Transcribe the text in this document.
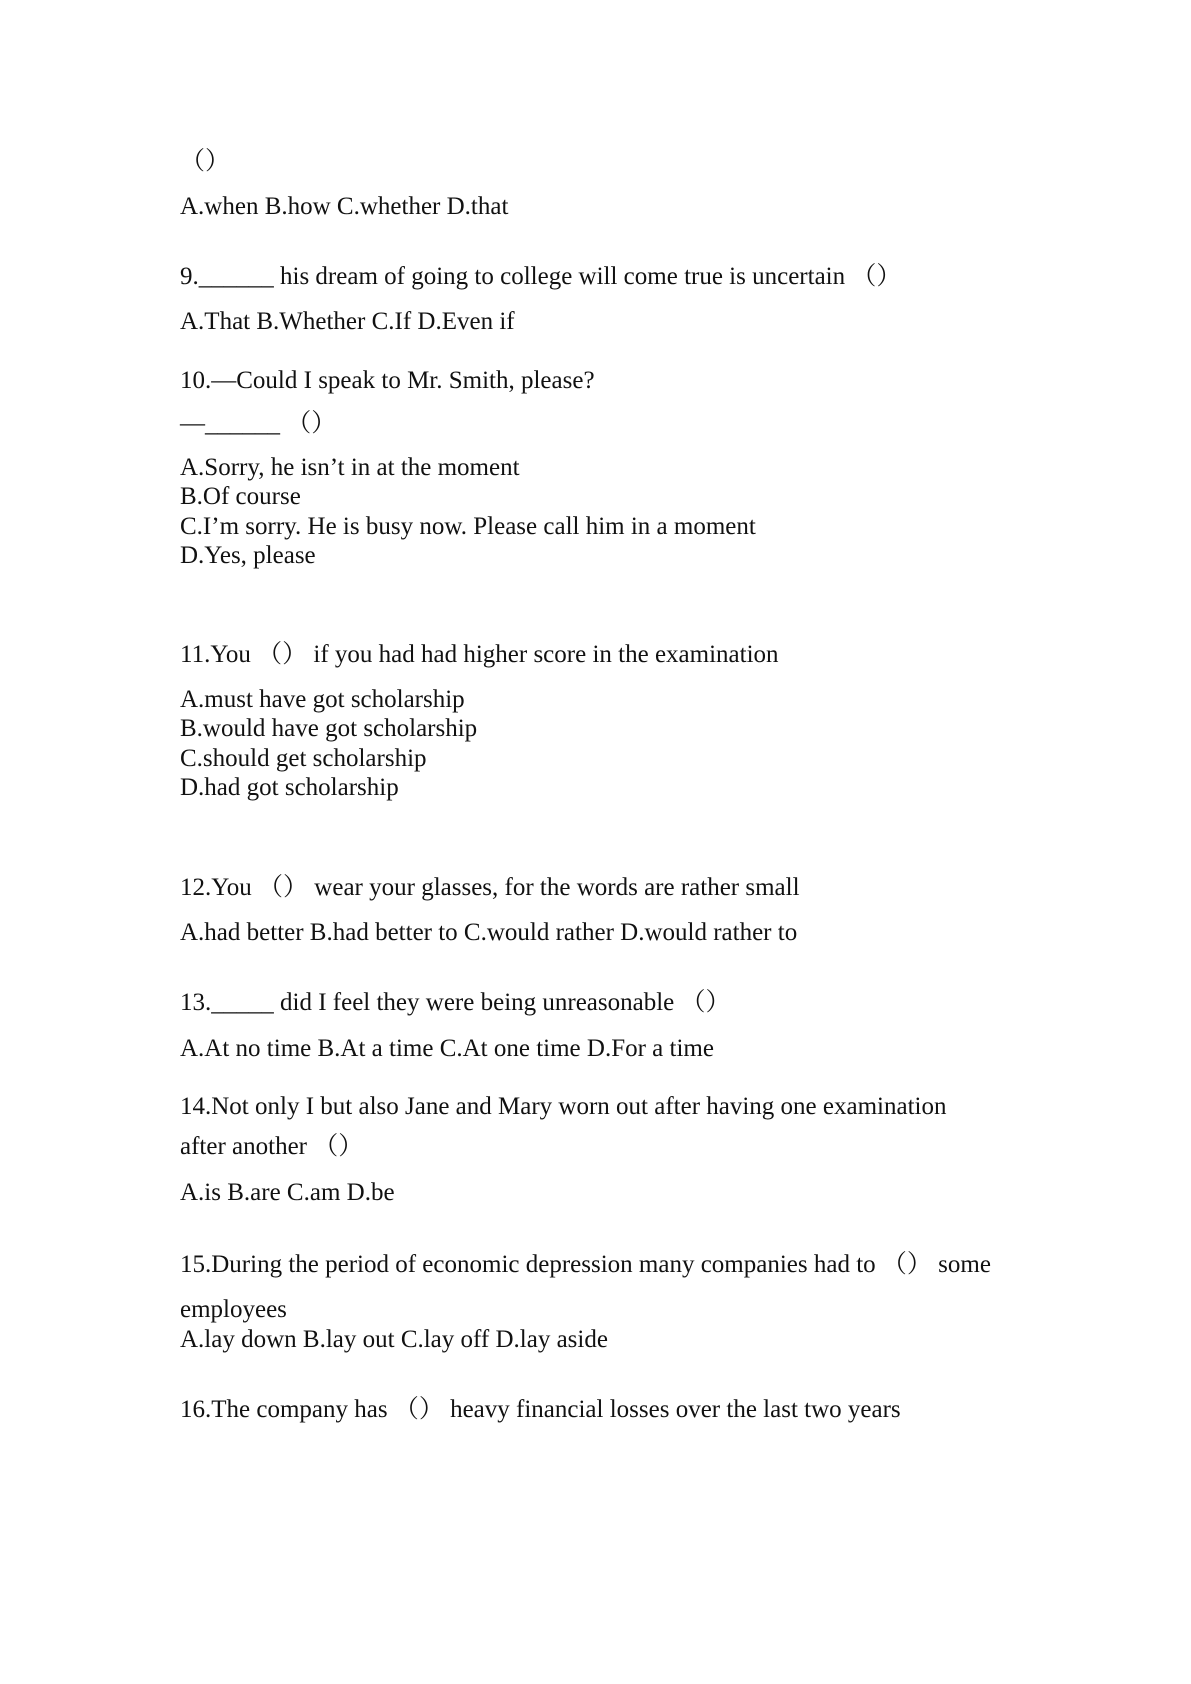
（）

A.when B.how C.whether D.that

9.______ his dream of going to college will come true is uncertain （）

A.That B.Whether C.If D.Even if

10.—Could I speak to Mr. Smith, please?

—______ （）

A.Sorry, he isn’t in at the moment

B.Of course

C.I’m sorry. He is busy now. Please call him in a moment

D.Yes, please

11.You （） if you had had higher score in the examination

A.must have got scholarship

B.would have got scholarship

C.should get scholarship

D.had got scholarship

12.You （） wear your glasses, for the words are rather small

A.had better B.had better to C.would rather D.would rather to

13._____ did I feel they were being unreasonable （）

A.At no time B.At a time C.At one time D.For a time

14.Not only I but also Jane and Mary worn out after having one examination

after another （）

A.is B.are C.am D.be

15.During the period of economic depression many companies had to （） some

employees

A.lay down B.lay out C.lay off D.lay aside

16.The company has （） heavy financial losses over the last two years
